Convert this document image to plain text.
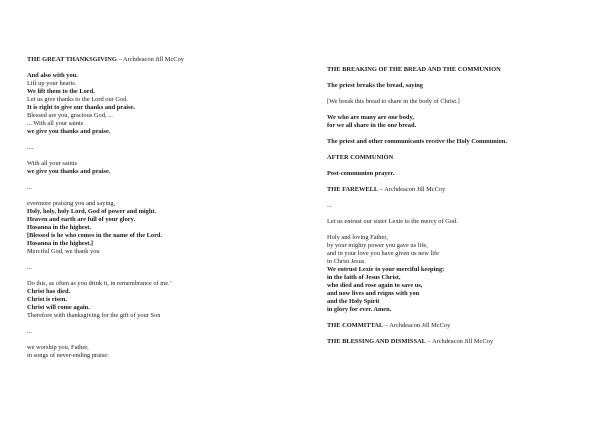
THE GREAT THANKSGIVING – Archdeacon Jill McCoy
And also with you.
Lift up your hearts.
We lift them to the Lord.
Let us give thanks to the Lord our God.
It is right to give our thanks and praise.
Blessed are you, gracious God, ...
... With all your saints
we give you thanks and praise.
....
With all your saints
we give you thanks and praise.
...
evermore praising you and saying,
Holy, holy, holy Lord, God of power and might.
Heaven and earth are full of your glory.
Hosanna in the highest.
[Blessed is he who comes in the name of the Lord.
Hosanna in the highest.]
Merciful God, we thank you
...
Do this, as often as you drink it, in remembrance of me.’
Christ has died.
Christ is risen.
Christ will come again.
Therefore with thanksgiving for the gift of your Son
...
we worship you, Father,
in songs of never-ending praise:
THE BREAKING OF THE BREAD AND THE COMMUNION
The priest breaks the bread, saying
[We break this bread to share in the body of Christ.]
We who are many are one body,
for we all share in the one bread.
The priest and other communicants receive the Holy Communion.
AFTER COMMUNION
Post-communion prayer.
THE FAREWELL – Archdeacon Jill McCoy
...
Let us entrust our sister Lexie to the mercy of God.
Holy and loving Father,
by your mighty power you gave us life,
and in your love you have given us new life
in Christ Jesus.
We entrust Lexie to your merciful keeping:
in the faith of Jesus Christ,
who died and rose again to save us,
and now lives and reigns with you
and the Holy Spirit
in glory for ever. Amen.
THE COMMITTAL – Archdeacon Jill McCoy
THE BLESSING AND DISMISSAL – Archdeacon Jill McCoy
